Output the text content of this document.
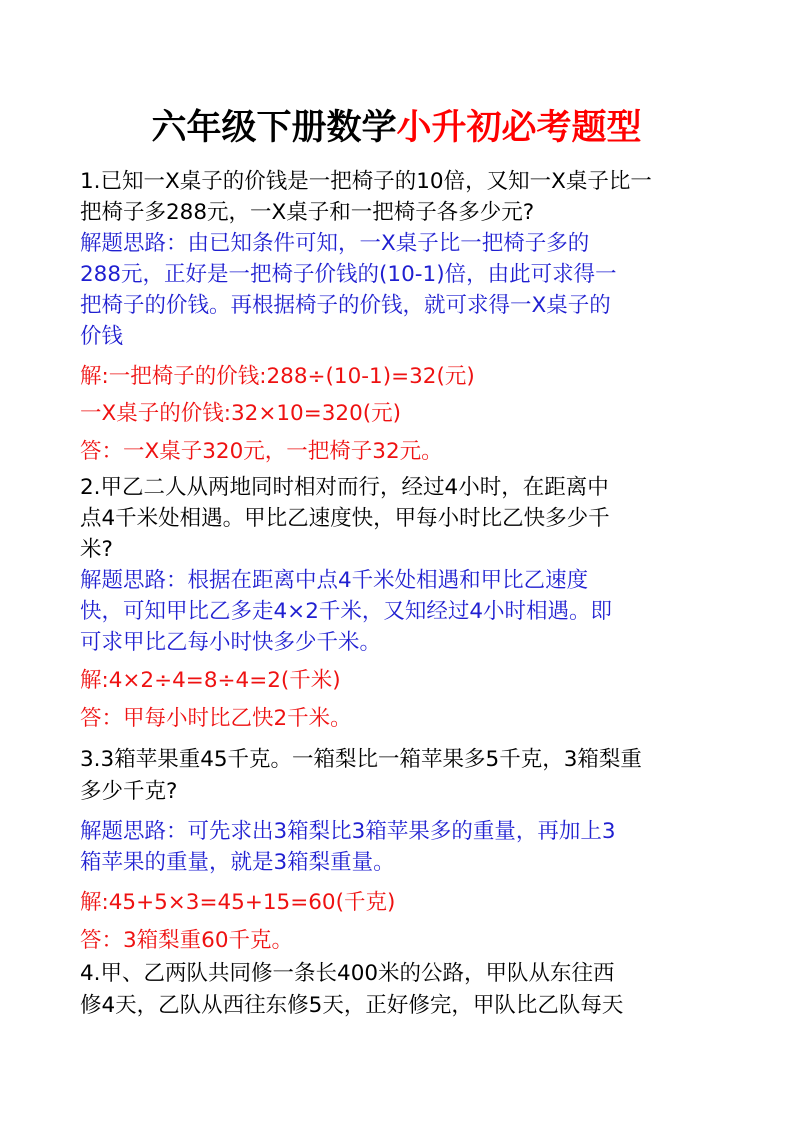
六年级下册数学小升初必考题型
1.已知一X桌子的价钱是一把椅子的10倍，又知一X桌子比一
把椅子多288元，一X桌子和一把椅子各多少元?
解题思路：由已知条件可知，一X桌子比一把椅子多的
288元，正好是一把椅子价钱的(10-1)倍，由此可求得一
把椅子的价钱。再根据椅子的价钱，就可求得一X桌子的
价钱
解:一把椅子的价钱:288÷(10-1)=32(元)
一X桌子的价钱:32×10=320(元)
答：一X桌子320元，一把椅子32元。
2.甲乙二人从两地同时相对而行，经过4小时，在距离中
点4千米处相遇。甲比乙速度快，甲每小时比乙快多少千
米?
解题思路：根据在距离中点4千米处相遇和甲比乙速度
快，可知甲比乙多走4×2千米，又知经过4小时相遇。即
可求甲比乙每小时快多少千米。
解:4×2÷4=8÷4=2(千米)
答：甲每小时比乙快2千米。
3.3箱苹果重45千克。一箱梨比一箱苹果多5千克，3箱梨重
多少千克?
解题思路：可先求出3箱梨比3箱苹果多的重量，再加上3
箱苹果的重量，就是3箱梨重量。
解:45+5×3=45+15=60(千克)
答：3箱梨重60千克。
4.甲、乙两队共同修一条长400米的公路，甲队从东往西
修4天，乙队从西往东修5天，正好修完，甲队比乙队每天
